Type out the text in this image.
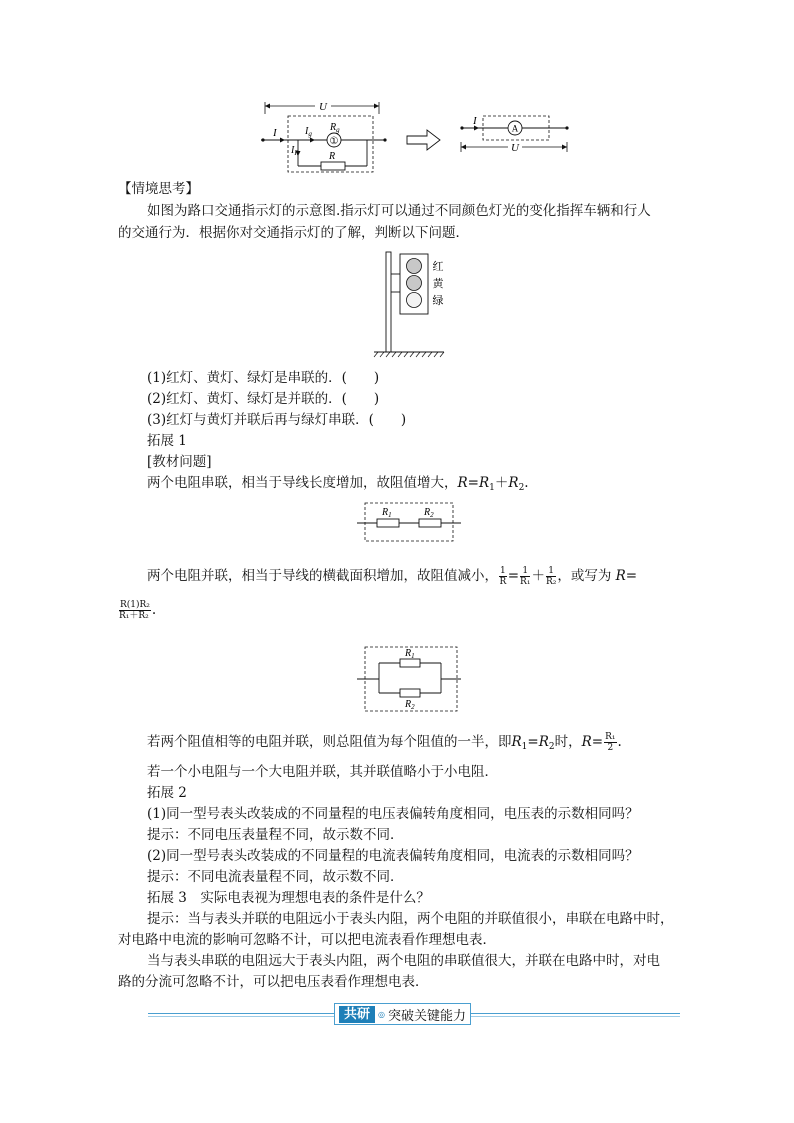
U
①
I	$I_g$
$R_g$
$I_R$	R
A
I
U
【情境思考】
如图为路口交通指示灯的示意图.指示灯可以通过不同颜色灯光的变化指挥车辆和行人
的交通行为．根据你对交通指示灯的了解，判断以下问题．
红
黄
绿
(1)红灯、黄灯、绿灯是串联的．(　　)
(2)红灯、黄灯、绿灯是并联的．(　　)
(3)红灯与黄灯并联后再与绿灯串联．(　　)
拓展 1
[教材问题]
两个电阻串联，相当于导线长度增加，故阻值增大，$R=R_1+R_2$.
$R_1$	$R_2$
两个电阻并联，相当于导线的横截面积增加，故阻值减小， $\frac{1}{R} = \frac{1}{\text{R₁}} + \frac{1}{\text{R₂}}$ ，或写为 R=
$\frac{\text{R(1)R₂}}{\text{R₁＋R₂}}$ .
$R_1$
$R_2$
若两个阻值相等的电阻并联，则总阻值为每个阻值的一半，即$R_1=R_2$时，$R= \frac{\text{R₁}}{2}$ .
若一个小电阻与一个大电阻并联，其并联值略小于小电阻．
拓展 2
(1)同一型号表头改装成的不同量程的电压表偏转角度相同，电压表的示数相同吗？
提示：不同电压表量程不同，故示数不同．
(2)同一型号表头改装成的不同量程的电流表偏转角度相同，电流表的示数相同吗？
提示：不同电流表量程不同，故示数不同．
拓展 3　实际电表视为理想电表的条件是什么？
提示：当与表头并联的电阻远小于表头内阻，两个电阻的并联值很小，串联在电路中时，
对电路中电流的影响可忽略不计，可以把电流表看作理想电表．
当与表头串联的电阻远大于表头内阻，两个电阻的串联值很大，并联在电路中时，对电
路的分流可忽略不计，可以把电压表看作理想电表．
共研	◎ 突破关键能力
